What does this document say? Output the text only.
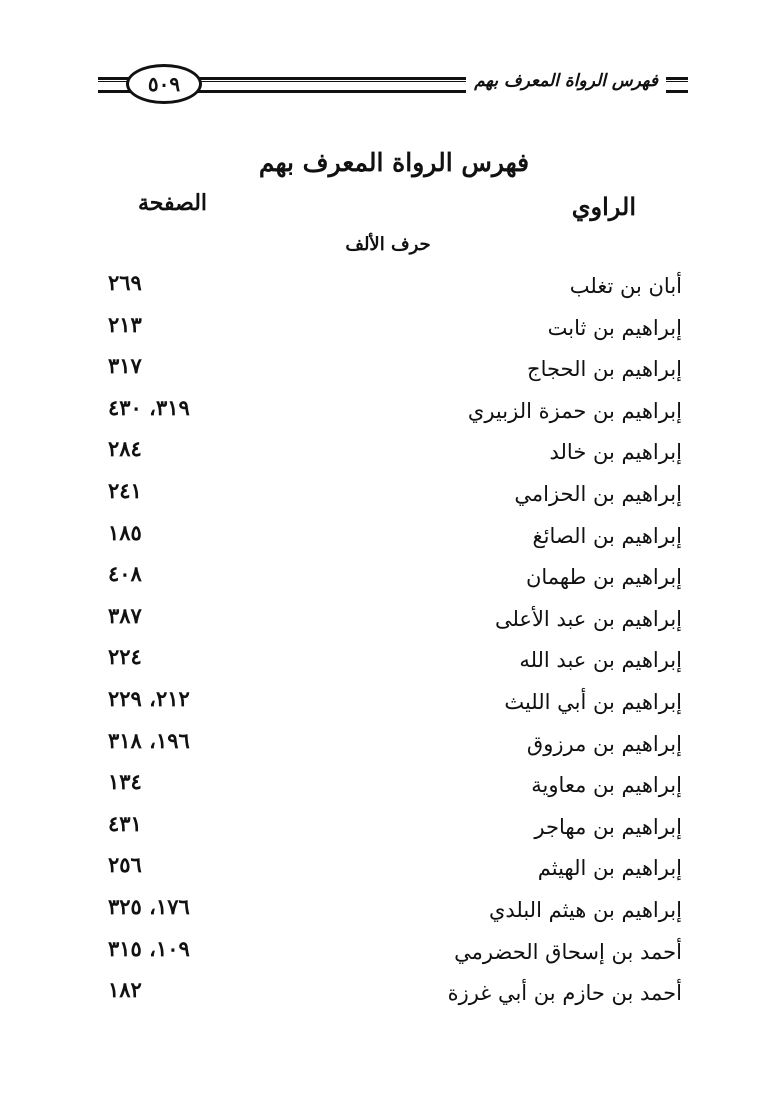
٥٠٩	فهرس الرواة المعرف بهم
فهرس الرواة المعرف بهم
الراوي
الصفحة
حرف الألف
أبان بن تغلب
٢٦٩
إبراهيم بن ثابت
٢١٣
إبراهيم بن الحجاج
٣١٧
إبراهيم بن حمزة الزبيري
٣١٩، ٤٣٠
إبراهيم بن خالد
٢٨٤
إبراهيم بن الحزامي
٢٤١
إبراهيم بن الصائغ
١٨٥
إبراهيم بن طهمان
٤٠٨
إبراهيم بن عبد الأعلى
٣٨٧
إبراهيم بن عبد الله
٢٢٤
إبراهيم بن أبي الليث
٢١٢، ٢٢٩
إبراهيم بن مرزوق
١٩٦، ٣١٨
إبراهيم بن معاوية
١٣٤
إبراهيم بن مهاجر
٤٣١
إبراهيم بن الهيثم
٢٥٦
إبراهيم بن هيثم البلدي
١٧٦، ٣٢٥
أحمد بن إسحاق الحضرمي
١٠٩، ٣١٥
أحمد بن حازم بن أبي غرزة
١٨٢
